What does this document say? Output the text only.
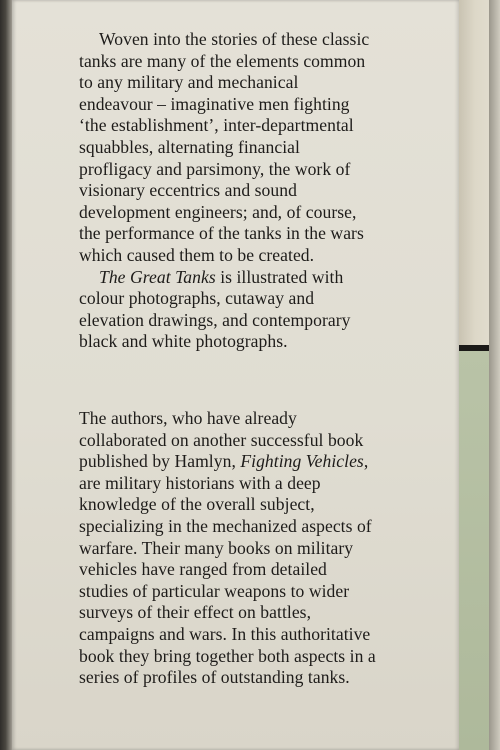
Woven into the stories of these classic
tanks are many of the elements common
to any military and mechanical
endeavour – imaginative men fighting
‘the establishment’, inter-departmental
squabbles, alternating financial
profligacy and parsimony, the work of
visionary eccentrics and sound
development engineers; and, of course,
the performance of the tanks in the wars
which caused them to be created.
The Great Tanks is illustrated with
colour photographs, cutaway and
elevation drawings, and contemporary
black and white photographs.
The authors, who have already
collaborated on another successful book
published by Hamlyn, Fighting Vehicles,
are military historians with a deep
knowledge of the overall subject,
specializing in the mechanized aspects of
warfare. Their many books on military
vehicles have ranged from detailed
studies of particular weapons to wider
surveys of their effect on battles,
campaigns and wars. In this authoritative
book they bring together both aspects in a
series of profiles of outstanding tanks.
